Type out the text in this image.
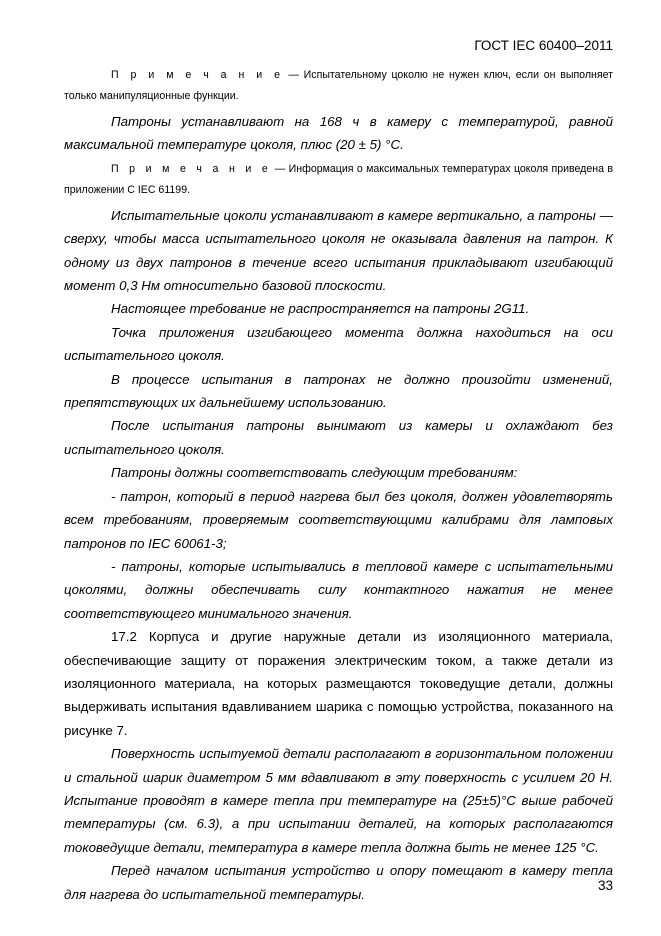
ГОСТ IEC 60400–2011

П р и м е ч а н и е — Испытательному цоколю не нужен ключ, если он выполняет только манипуляционные функции.

Патроны устанавливают на 168 ч в камеру с температурой, равной максимальной температуре цоколя, плюс (20 ± 5) °С.

П р и м е ч а н и е — Информация о максимальных температурах цоколя приведена в приложении С IEC 61199.

Испытательные цоколи устанавливают в камере вертикально, а патроны — сверху, чтобы масса испытательного цоколя не оказывала давления на патрон. К одному из двух патронов в течение всего испытания прикладывают изгибающий момент 0,3 Нм относительно базовой плоскости.

Настоящее требование не распространяется на патроны 2G11.

Точка приложения изгибающего момента должна находиться на оси испытательного цоколя.

В процессе испытания в патронах не должно произойти изменений, препятствующих их дальнейшему использованию.

После испытания патроны вынимают из камеры и охлаждают без испытательного цоколя.

Патроны должны соответствовать следующим требованиям:

- патрон, который в период нагрева был без цоколя, должен удовлетворять всем требованиям, проверяемым соответствующими калибрами для ламповых патронов по IEC 60061-3;

- патроны, которые испытывались в тепловой камере с испытательными цоколями, должны обеспечивать силу контактного нажатия не менее соответствующего минимального значения.

17.2 Корпуса и другие наружные детали из изоляционного материала, обеспечивающие защиту от поражения электрическим током, а также детали из изоляционного материала, на которых размещаются токоведущие детали, должны выдерживать испытания вдавливанием шарика с помощью устройства, показанного на рисунке 7.

Поверхность испытуемой детали располагают в горизонтальном положении и стальной шарик диаметром 5 мм вдавливают в эту поверхность с усилием 20 Н. Испытание проводят в камере тепла при температуре на (25±5)°С выше рабочей температуры (см. 6.3), а при испытании деталей, на которых располагаются токоведущие детали, температура в камере тепла должна быть не менее 125 °С.

Перед началом испытания устройство и опору помещают в камеру тепла для нагрева до испытательной температуры.

33
